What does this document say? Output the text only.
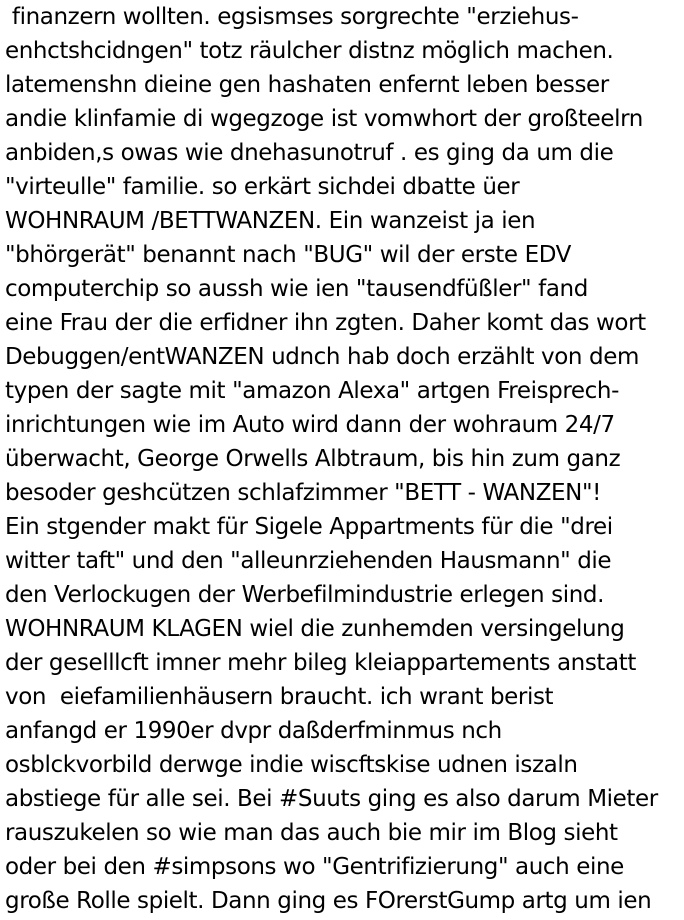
finanzern wollten. egsismses sorgrechte "erziehus-
enhctshcidngen" totz räulcher distnz möglich machen.
latemenshn dieine gen hashaten enfernt leben besser
andie klinfamie di wgegzoge ist vomwhort der großteelrn
anbiden,s owas wie dnehasunotruf . es ging da um die
"virteulle" familie. so erkärt sichdei dbatte üer
WOHNRAUM /BETTWANZEN. Ein wanzeist ja ien
"bhörgerät" benannt nach "BUG" wil der erste EDV
computerchip so aussh wie ien "tausendfüßler" fand
eine Frau der die erfidner ihn zgten. Daher komt das wort
Debuggen/entWANZEN udnch hab doch erzählt von dem
typen der sagte mit "amazon Alexa" artgen Freisprech-
inrichtungen wie im Auto wird dann der wohraum 24/7
überwacht, George Orwells Albtraum, bis hin zum ganz
besoder geshcützen schlafzimmer "BETT - WANZEN"!
Ein stgender makt für Sigele Appartments für die "drei
witter taft" und den "alleunrziehenden Hausmann" die
den Verlockugen der Werbefilmindustrie erlegen sind.
WOHNRAUM KLAGEN wiel die zunhemden versingelung
der geselllcft imner mehr bileg kleiappartements anstatt
von  eiefamilienhäusern braucht. ich wrant berist
anfangd er 1990er dvpr daßderfminmus nch
osblckvorbild derwge indie wiscftskise udnen iszaln
abstiege für alle sei. Bei #Suuts ging es also darum Mieter
rauszukelen so wie man das auch bie mir im Blog sieht
oder bei den #simpsons wo "Gentrifizierung" auch eine
große Rolle spielt. Dann ging es FOrerstGump artg um ien
